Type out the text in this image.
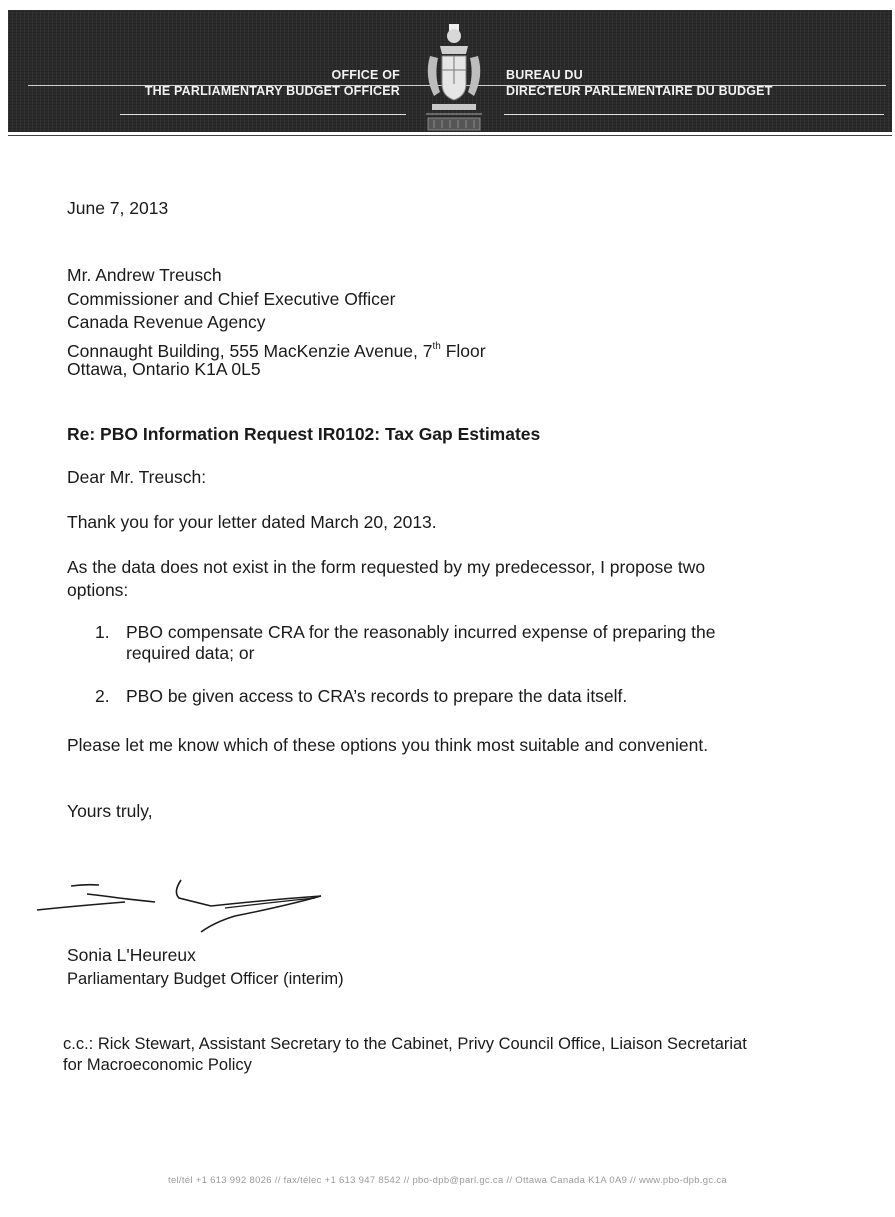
OFFICE OF
THE PARLIAMENTARY BUDGET OFFICER
BUREAU DU
DIRECTEUR PARLEMENTAIRE DU BUDGET
June 7, 2013
Mr. Andrew Treusch
Commissioner and Chief Executive Officer
Canada Revenue Agency
Connaught Building, 555 MacKenzie Avenue, 7th Floor
Ottawa, Ontario K1A 0L5
Re: PBO Information Request IR0102: Tax Gap Estimates
Dear Mr. Treusch:
Thank you for your letter dated March 20, 2013.
As the data does not exist in the form requested by my predecessor, I propose two
options:
1. PBO compensate CRA for the reasonably incurred expense of preparing the
required data; or
2. PBO be given access to CRA’s records to prepare the data itself.
Please let me know which of these options you think most suitable and convenient.
Yours truly,
Sonia L'Heureux
Parliamentary Budget Officer (interim)
c.c.: Rick Stewart, Assistant Secretary to the Cabinet, Privy Council Office, Liaison Secretariat
for Macroeconomic Policy
tel/tél +1 613 992 8026 // fax/télec +1 613 947 8542 // pbo-dpb@parl.gc.ca // Ottawa Canada K1A 0A9 // www.pbo-dpb.gc.ca
